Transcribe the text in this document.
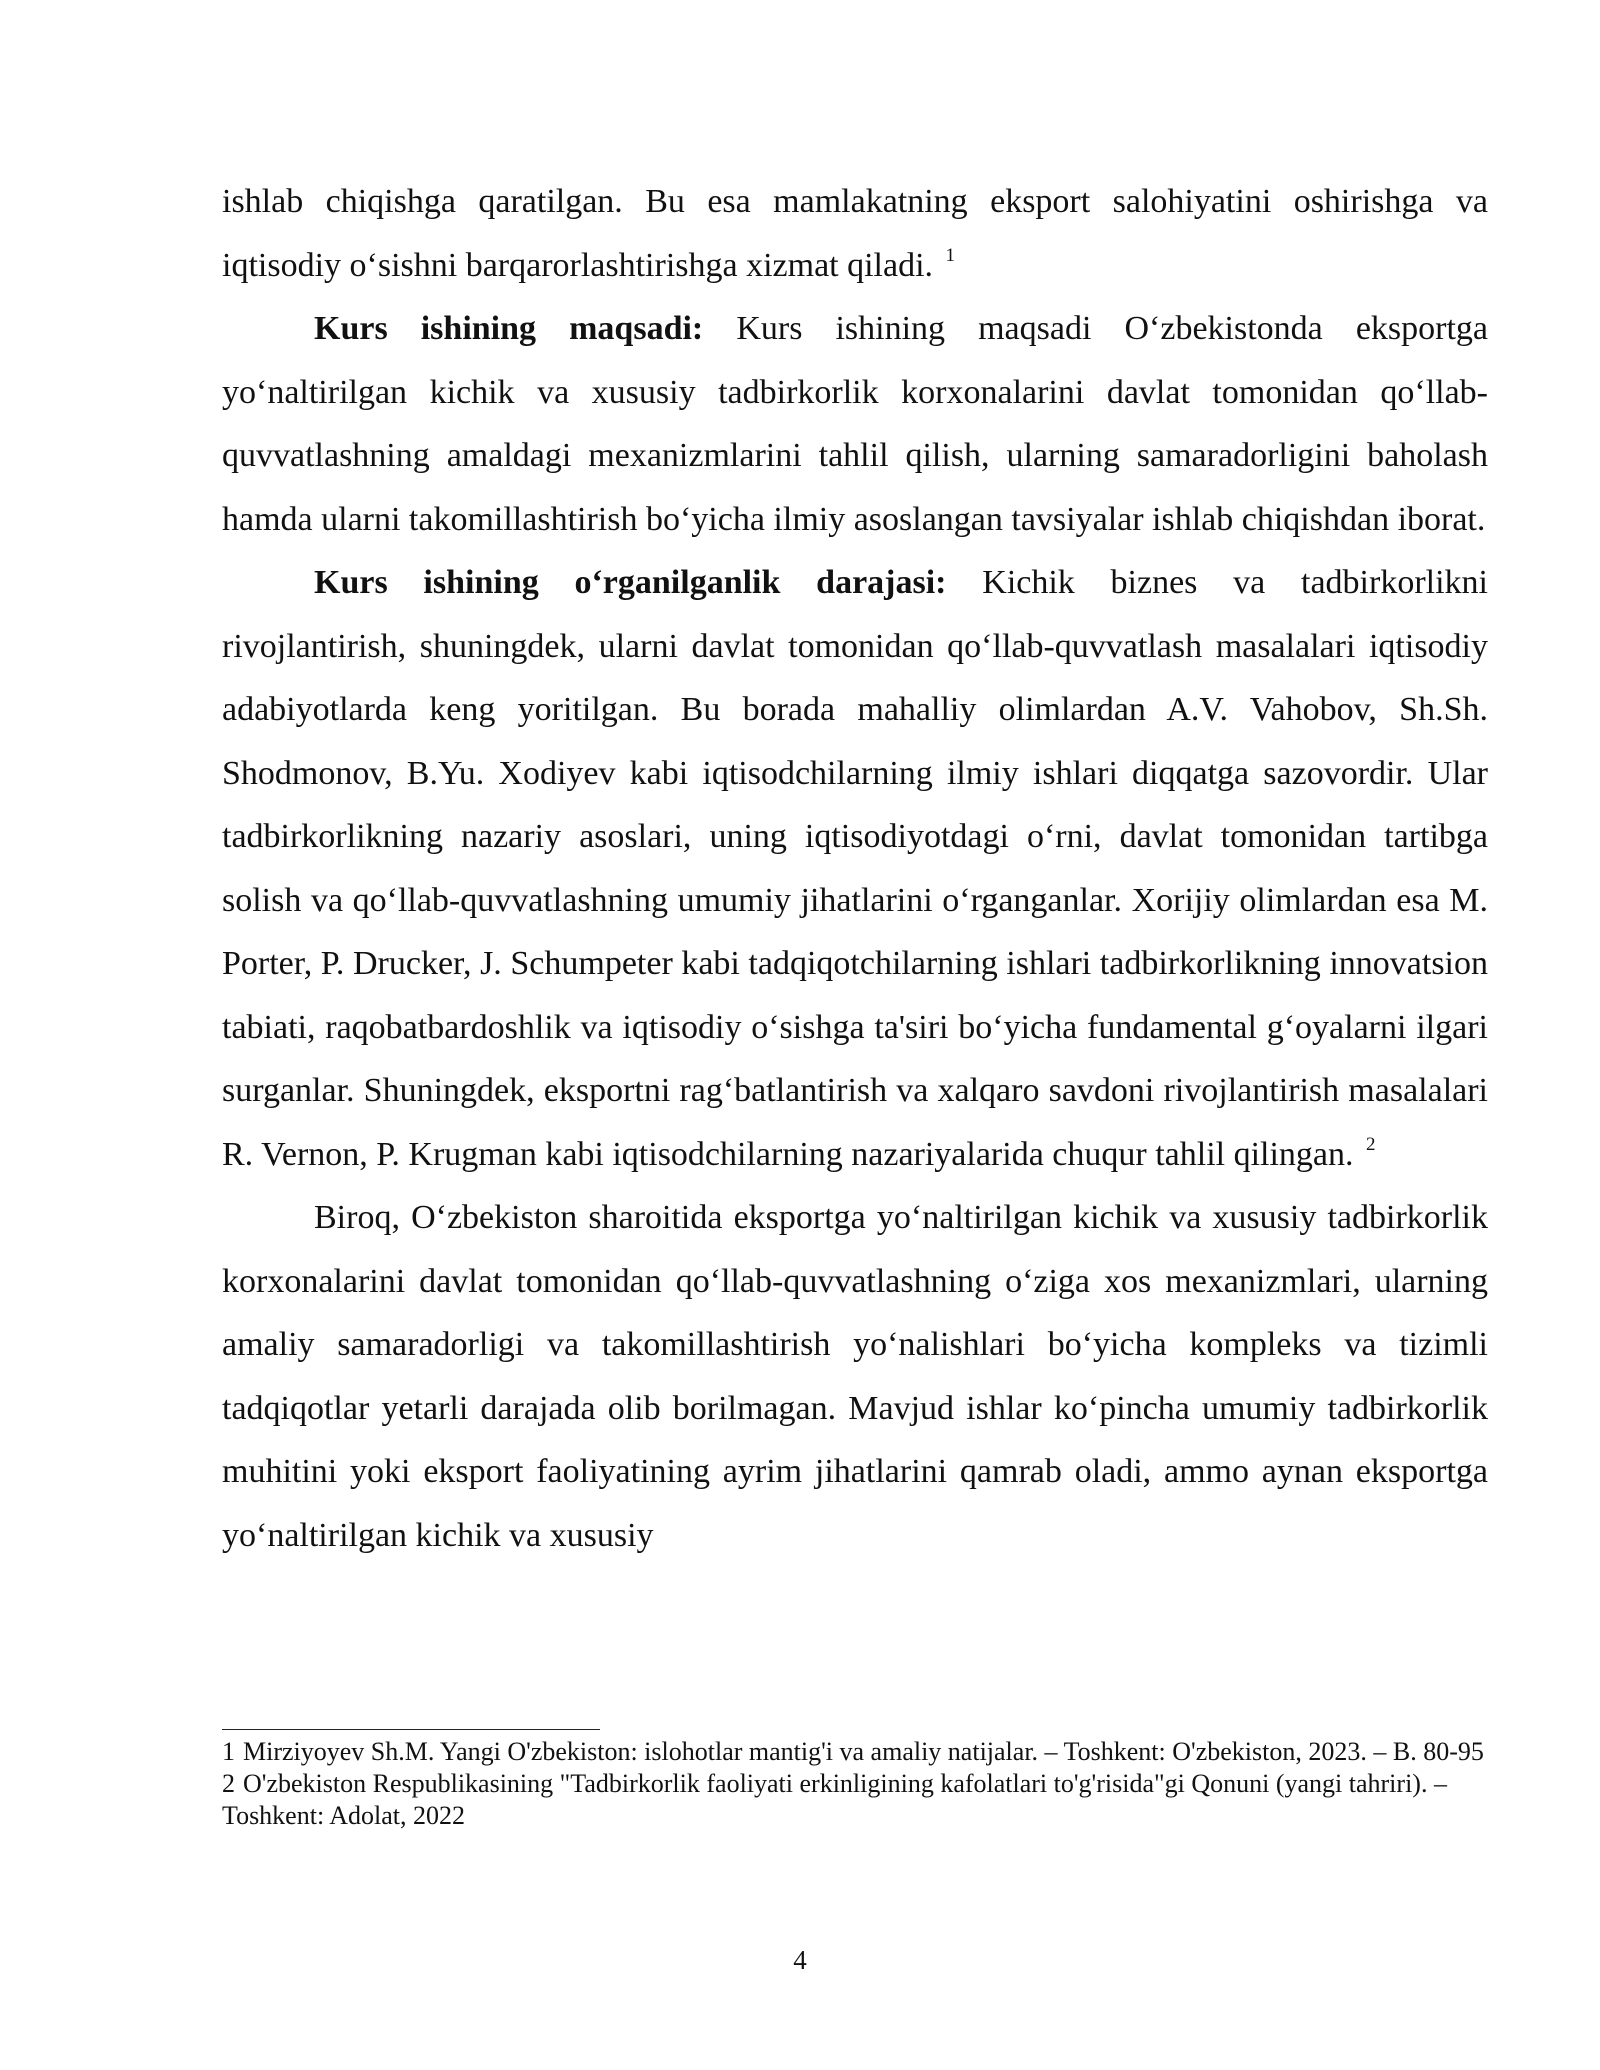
ishlab chiqishga qaratilgan. Bu esa mamlakatning eksport salohiyatini oshirishga va iqtisodiy o‘sishni barqarorlashtirishga xizmat qiladi. $^1$

Kurs ishining maqsadi: Kurs ishining maqsadi O‘zbekistonda eksportga yo‘naltirilgan kichik va xususiy tadbirkorlik korxonalarini davlat tomonidan qo‘llab-quvvatlashning amaldagi mexanizmlarini tahlil qilish, ularning samaradorligini baholash hamda ularni takomillashtirish bo‘yicha ilmiy asoslangan tavsiyalar ishlab chiqishdan iborat.

Kurs ishining o‘rganilganlik darajasi: Kichik biznes va tadbirkorlikni rivojlantirish, shuningdek, ularni davlat tomonidan qo‘llab-quvvatlash masalalari iqtisodiy adabiyotlarda keng yoritilgan. Bu borada mahalliy olimlardan A.V. Vahobov, Sh.Sh. Shodmonov, B.Yu. Xodiyev kabi iqtisodchilarning ilmiy ishlari diqqatga sazovordir. Ular tadbirkorlikning nazariy asoslari, uning iqtisodiyotdagi o‘rni, davlat tomonidan tartibga solish va qo‘llab-quvvatlashning umumiy jihatlarini o‘rganganlar. Xorijiy olimlardan esa M. Porter, P. Drucker, J. Schumpeter kabi tadqiqotchilarning ishlari tadbirkorlikning innovatsion tabiati, raqobatbardoshlik va iqtisodiy o‘sishga ta'siri bo‘yicha fundamental g‘oyalarni ilgari surganlar. Shuningdek, eksportni rag‘batlantirish va xalqaro savdoni rivojlantirish masalalari R. Vernon, P. Krugman kabi iqtisodchilarning nazariyalarida chuqur tahlil qilingan. $^2$

Biroq, O‘zbekiston sharoitida eksportga yo‘naltirilgan kichik va xususiy tadbirkorlik korxonalarini davlat tomonidan qo‘llab-quvvatlashning o‘ziga xos mexanizmlari, ularning amaliy samaradorligi va takomillashtirish yo‘nalishlari bo‘yicha kompleks va tizimli tadqiqotlar yetarli darajada olib borilmagan. Mavjud ishlar ko‘pincha umumiy tadbirkorlik muhitini yoki eksport faoliyatining ayrim jihatlarini qamrab oladi, ammo aynan eksportga yo‘naltirilgan kichik va xususiy

1 Mirziyoyev Sh.M. Yangi O'zbekiston: islohotlar mantig'i va amaliy natijalar. – Toshkent: O'zbekiston, 2023. – B. 80-95

2 O'zbekiston Respublikasining "Tadbirkorlik faoliyati erkinligining kafolatlari to'g'risida"gi Qonuni (yangi tahriri). – Toshkent: Adolat, 2022

4
